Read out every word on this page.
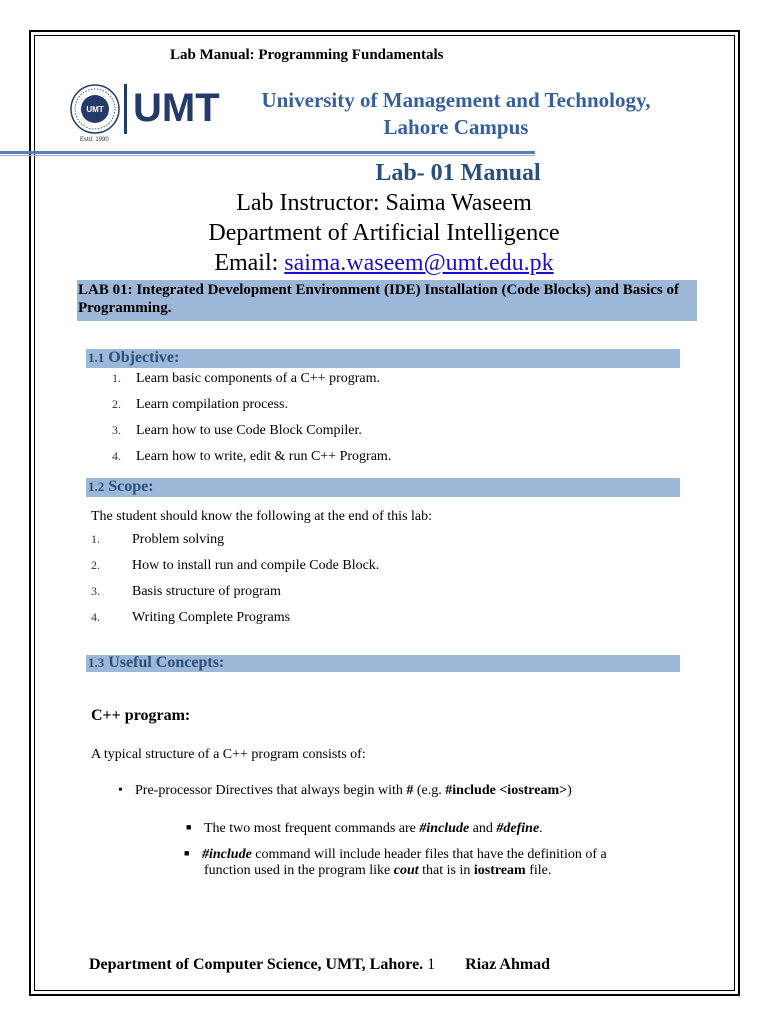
Lab Manual: Programming Fundamentals
UMT
Estd. 1990
UMT	University of Management and Technology,
Lahore Campus
Lab- 01 Manual
Lab Instructor: Saima Waseem
Department of Artificial Intelligence
Email: saima.waseem@umt.edu.pk
LAB 01: Integrated Development Environment (IDE) Installation (Code Blocks) and Basics of Programming.
1.1 Objective:
1. Learn basic components of a C++ program.
2. Learn compilation process.
3. Learn how to use Code Block Compiler.
4. Learn how to write, edit & run C++ Program.
1.2 Scope:
The student should know the following at the end of this lab:
1. Problem solving
2. How to install run and compile Code Block.
3. Basis structure of program
4. Writing Complete Programs
1.3 Useful Concepts:
C++ program:
A typical structure of a C++ program consists of:
• Pre-processor Directives that always begin with # (e.g. #include <iostream>)
■ The two most frequent commands are #include and #define.
■ #include command will include header files that have the definition of a
function used in the program like cout that is in iostream file.
Department of Computer Science, UMT, Lahore. 1 Riaz Ahmad
